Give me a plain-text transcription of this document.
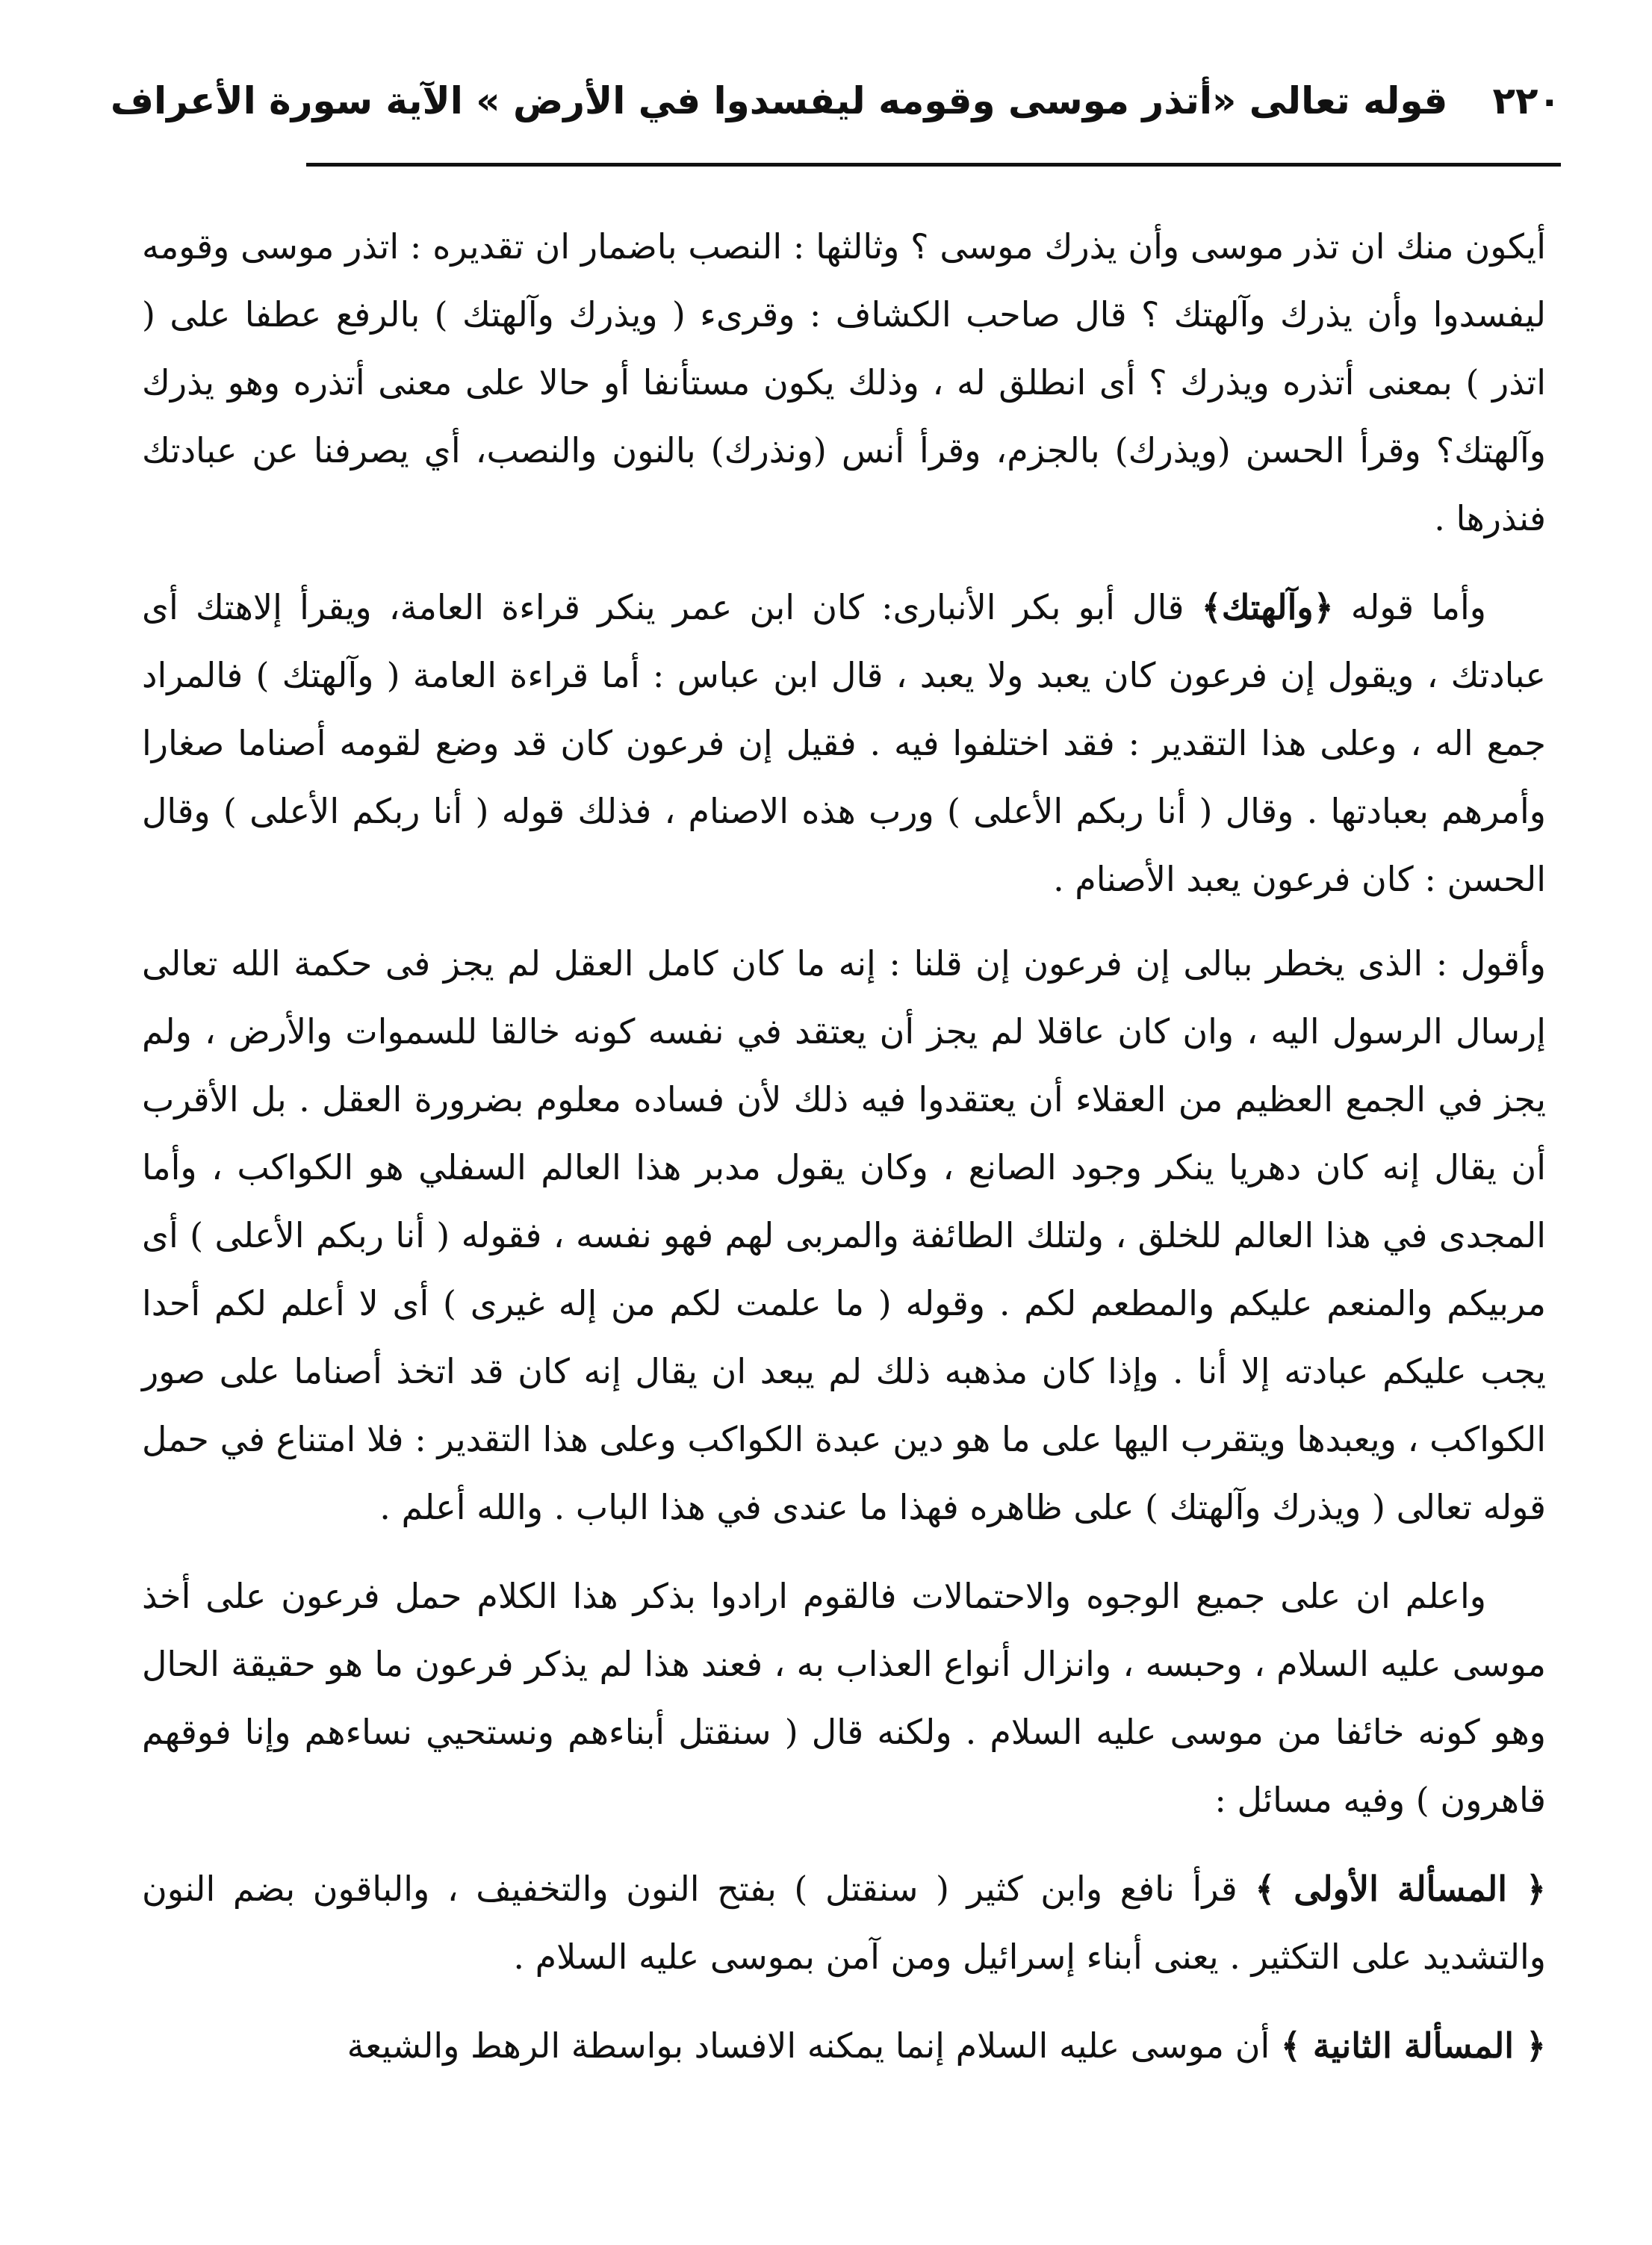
٢٢٠
قوله تعالى «أتذر موسى وقومه ليفسدوا في الأرض » الآية سورة الأعراف

أيكون منك ان تذر موسى وأن يذرك موسى ؟ وثالثها : النصب باضمار ان تقديره : اتذر موسى وقومه ليفسدوا وأن يذرك وآلهتك ؟ قال صاحب الكشاف : وقرىء ( ويذرك وآلهتك ) بالرفع عطفا على ( اتذر ) بمعنى أتذره ويذرك ؟ أى انطلق له ، وذلك يكون مستأنفا أو حالا على معنى أتذره وهو يذرك وآلهتك؟ وقرأ الحسن (ويذرك) بالجزم، وقرأ أنس (ونذرك) بالنون والنصب، أي يصرفنا عن عبادتك فنذرها .

وأما قوله ﴿وآلهتك﴾ قال أبو بكر الأنبارى: كان ابن عمر ينكر قراءة العامة، ويقرأ إلاهتك أى عبادتك ، ويقول إن فرعون كان يعبد ولا يعبد ، قال ابن عباس : أما قراءة العامة ( وآلهتك ) فالمراد جمع اله ، وعلى هذا التقدير : فقد اختلفوا فيه . فقيل إن فرعون كان قد وضع لقومه أصناما صغارا وأمرهم بعبادتها . وقال ( أنا ربكم الأعلى ) ورب هذه الاصنام ، فذلك قوله ( أنا ربكم الأعلى ) وقال الحسن : كان فرعون يعبد الأصنام .

وأقول : الذى يخطر ببالى إن فرعون إن قلنا : إنه ما كان كامل العقل لم يجز فى حكمة الله تعالى إرسال الرسول اليه ، وان كان عاقلا لم يجز أن يعتقد في نفسه كونه خالقا للسموات والأرض ، ولم يجز في الجمع العظيم من العقلاء أن يعتقدوا فيه ذلك لأن فساده معلوم بضرورة العقل . بل الأقرب أن يقال إنه كان دهريا ينكر وجود الصانع ، وكان يقول مدبر هذا العالم السفلي هو الكواكب ، وأما المجدى في هذا العالم للخلق ، ولتلك الطائفة والمربى لهم فهو نفسه ، فقوله ( أنا ربكم الأعلى ) أى مربيكم والمنعم عليكم والمطعم لكم . وقوله ( ما علمت لكم من إله غيرى ) أى لا أعلم لكم أحدا يجب عليكم عبادته إلا أنا . وإذا كان مذهبه ذلك لم يبعد ان يقال إنه كان قد اتخذ أصناما على صور الكواكب ، ويعبدها ويتقرب اليها على ما هو دين عبدة الكواكب وعلى هذا التقدير : فلا امتناع في حمل قوله تعالى ( ويذرك وآلهتك ) على ظاهره فهذا ما عندى في هذا الباب . والله أعلم .

واعلم ان على جميع الوجوه والاحتمالات فالقوم ارادوا بذكر هذا الكلام حمل فرعون على أخذ موسى عليه السلام ، وحبسه ، وانزال أنواع العذاب به ، فعند هذا لم يذكر فرعون ما هو حقيقة الحال وهو كونه خائفا من موسى عليه السلام . ولكنه قال ( سنقتل أبناءهم ونستحيي نساءهم وإنا فوقهم قاهرون ) وفيه مسائل :

﴿ المسألة الأولى ﴾ قرأ نافع وابن كثير ( سنقتل ) بفتح النون والتخفيف ، والباقون بضم النون والتشديد على التكثير . يعنى أبناء إسرائيل ومن آمن بموسى عليه السلام .

﴿ المسألة الثانية ﴾ أن موسى عليه السلام إنما يمكنه الافساد بواسطة الرهط والشيعة
